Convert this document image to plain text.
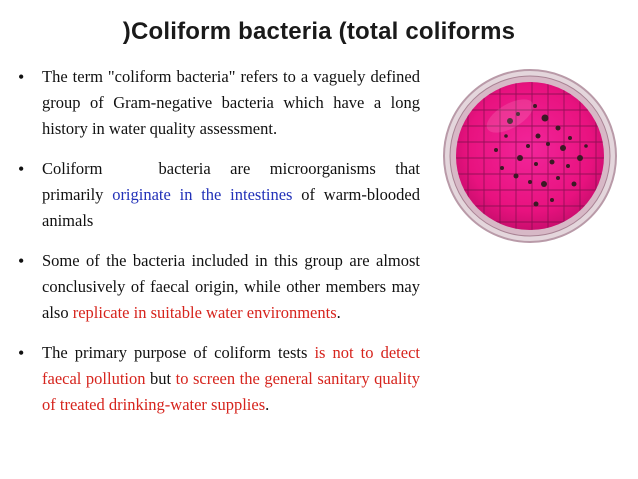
)Coliform bacteria (total coliforms
• The term "coliform bacteria" refers to a vaguely defined group of Gram-negative bacteria which have a long history in water quality assessment.
• Coliform	bacteria are microorganisms that primarily originate in the intestines of warm-blooded animals
• Some of the bacteria included in this group are almost conclusively of faecal origin, while other members may also replicate in suitable water environments.
• The primary purpose of coliform tests is not to detect faecal pollution but to screen the general sanitary quality of treated drinking-water supplies.
